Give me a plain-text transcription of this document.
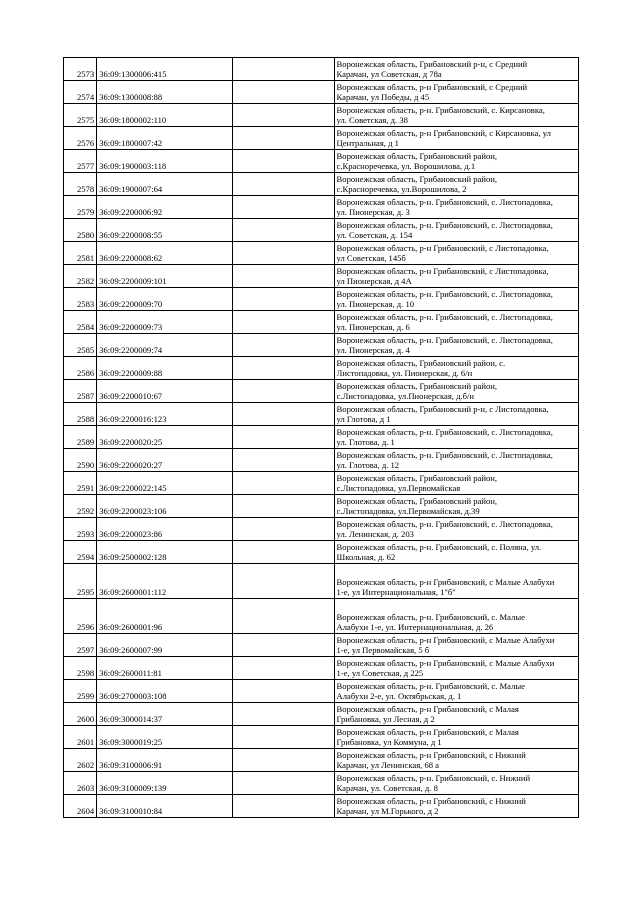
2573	36:09:1300006:415		Воронежская область, Грибановский р-н, с Средний
Карачан, ул Советская, д 78а

2574	36:09:1300008:88		Воронежская область, р-н Грибановский, с Средний
Карачан, ул Победы, д 45

2575	36:09:1800002:110		Воронежская область, р-н. Грибановский, с. Кирсановка,
ул. Советская, д. 38

2576	36:09:1800007:42		Воронежская область, р-н Грибановский, с Кирсановка, ул
Центральная, д 1

2577	36:09:1900003:118		Воронежская область, Грибановский район,
с.Красноречевка, ул. Ворошилова, д.1

2578	36:09:1900007:64		Воронежская область, Грибановский район,
с.Красноречевка, ул.Ворошилова, 2

2579	36:09:2200006:92		Воронежская область, р-н. Грибановский, с. Листопадовка,
ул. Пионерская, д. 3

2580	36:09:2200008:55		Воронежская область, р-н. Грибановский, с. Листопадовка,
ул. Советская, д. 154

2581	36:09:2200008:62		Воронежская область, р-н Грибановский, с Листопадовка,
ул Советская, 145б

2582	36:09:2200009:101		Воронежская область, р-н Грибановский, с Листопадовка,
ул Пионерская, д 4А

2583	36:09:2200009:70		Воронежская область, р-н. Грибановский, с. Листопадовка,
ул. Пионерская, д. 10

2584	36:09:2200009:73		Воронежская область, р-н. Грибановский, с. Листопадовка,
ул. Пионерская, д. 6

2585	36:09:2200009:74		Воронежская область, р-н. Грибановский, с. Листопадовка,
ул. Пионерская, д. 4

2586	36:09:2200009:88		Воронежская область, Грибановский район, с.
Листопадовка, ул. Пионерская, д. 6/н

2587	36:09:2200010:67		Воронежская область, Грибановский район,
с.Листопадовка, ул.Пионерская, д.б/н

2588	36:09:2200016:123		Воронежская область, Грибановский р-н, с Листопадовка,
ул Глотова, д 1

2589	36:09:2200020:25		Воронежская область, р-н. Грибановский, с. Листопадовка,
ул. Глотова, д. 1

2590	36:09:2200020:27		Воронежская область, р-н. Грибановский, с. Листопадовка,
ул. Глотова, д. 12

2591	36:09:2200022:145		Воронежская область, Грибановский район,
с.Листопадовка, ул.Первомайская

2592	36:09:2200023:106		Воронежская область, Грибановский район,
с.Листопадовка, ул.Первомайская, д.39

2593	36:09:2200023:86		Воронежская область, р-н. Грибановский, с. Листопадовка,
ул. Ленинская, д. 203

2594	36:09:2500002:128		Воронежская область, р-н. Грибановский, с. Поляна, ул.
Школьная, д. 62

2595	36:09:2600001:112		Воронежская область, р-н Грибановский, с Малые Алабухи
1-е, ул Интернациональная, 1"б"

2596	36:09:2600001:96		Воронежская область, р-н. Грибановский, с. Малые
Алабухи 1-е, ул. Интернациональная, д. 26

2597	36:09:2600007:99		Воронежская область, р-н Грибановский, с Малые Алабухи
1-е, ул Первомайская, 5 б

2598	36:09:2600011:81		Воронежская область, р-н Грибановский, с Малые Алабухи
1-е, ул Советская, д 225

2599	36:09:2700003:108		Воронежская область, р-н. Грибановский, с. Малые
Алабухи 2-е, ул. Октябрьская, д. 1

2600	36:09:3000014:37		Воронежская область, р-н Грибановский, с Малая
Грибановка, ул Лесная, д 2

2601	36:09:3000019:25		Воронежская область, р-н Грибановский, с Малая
Грибановка, ул Коммуна, д 1

2602	36:09:3100006:91		Воронежская область, р-н Грибановский, с Нижний
Карачан, ул Ленинская, 68 а

2603	36:09:3100009:139		Воронежская область, р-н. Грибановский, с. Нижний
Карачан, ул. Советская, д. 8

2604	36:09:3100010:84		Воронежская область, р-н Грибановский, с Нижний
Карачан, ул М.Горького, д 2
